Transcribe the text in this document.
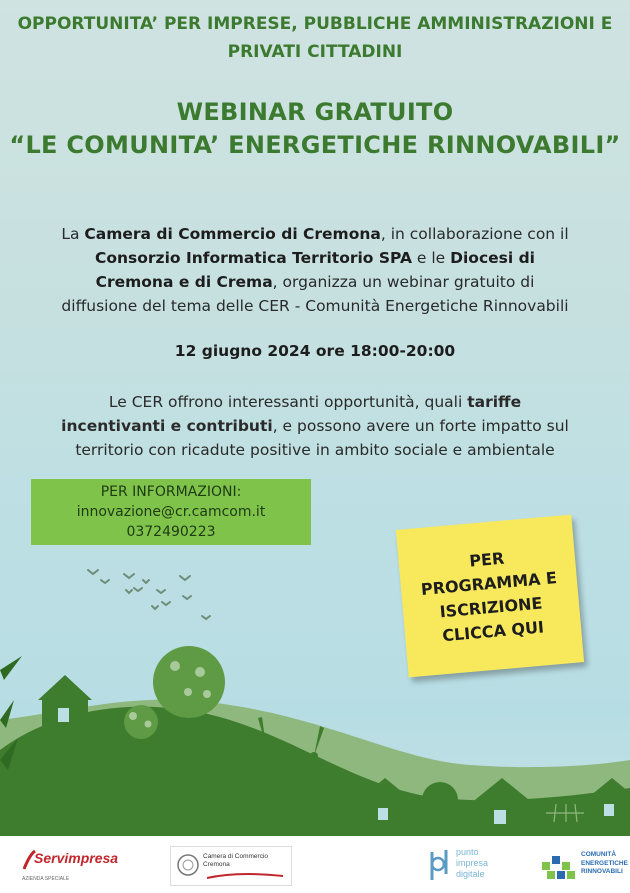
OPPORTUNITA’ PER IMPRESE, PUBBLICHE AMMINISTRAZIONI E
PRIVATI CITTADINI
WEBINAR GRATUITO
“LE COMUNITA’ ENERGETICHE RINNOVABILI”
La Camera di Commercio di Cremona, in collaborazione con il Consorzio Informatica Territorio SPA e le Diocesi di Cremona e di Crema, organizza un webinar gratuito di diffusione del tema delle CER - Comunità Energetiche Rinnovabili
12 giugno 2024 ore 18:00-20:00
Le CER offrono interessanti opportunità, quali tariffe incentivanti e contributi, e possono avere un forte impatto sul territorio con ricadute positive in ambito sociale e ambientale
PER INFORMAZIONI:
innovazione@cr.camcom.it
0372490223
PER
PROGRAMMA E
ISCRIZIONE
CLICCA QUI
Servimpresa
AZIENDA SPECIALE
Camera di Commercio
Cremona
punto
impresa
digitale
COMUNITÀ
ENERGETICHE
RINNOVABILI
